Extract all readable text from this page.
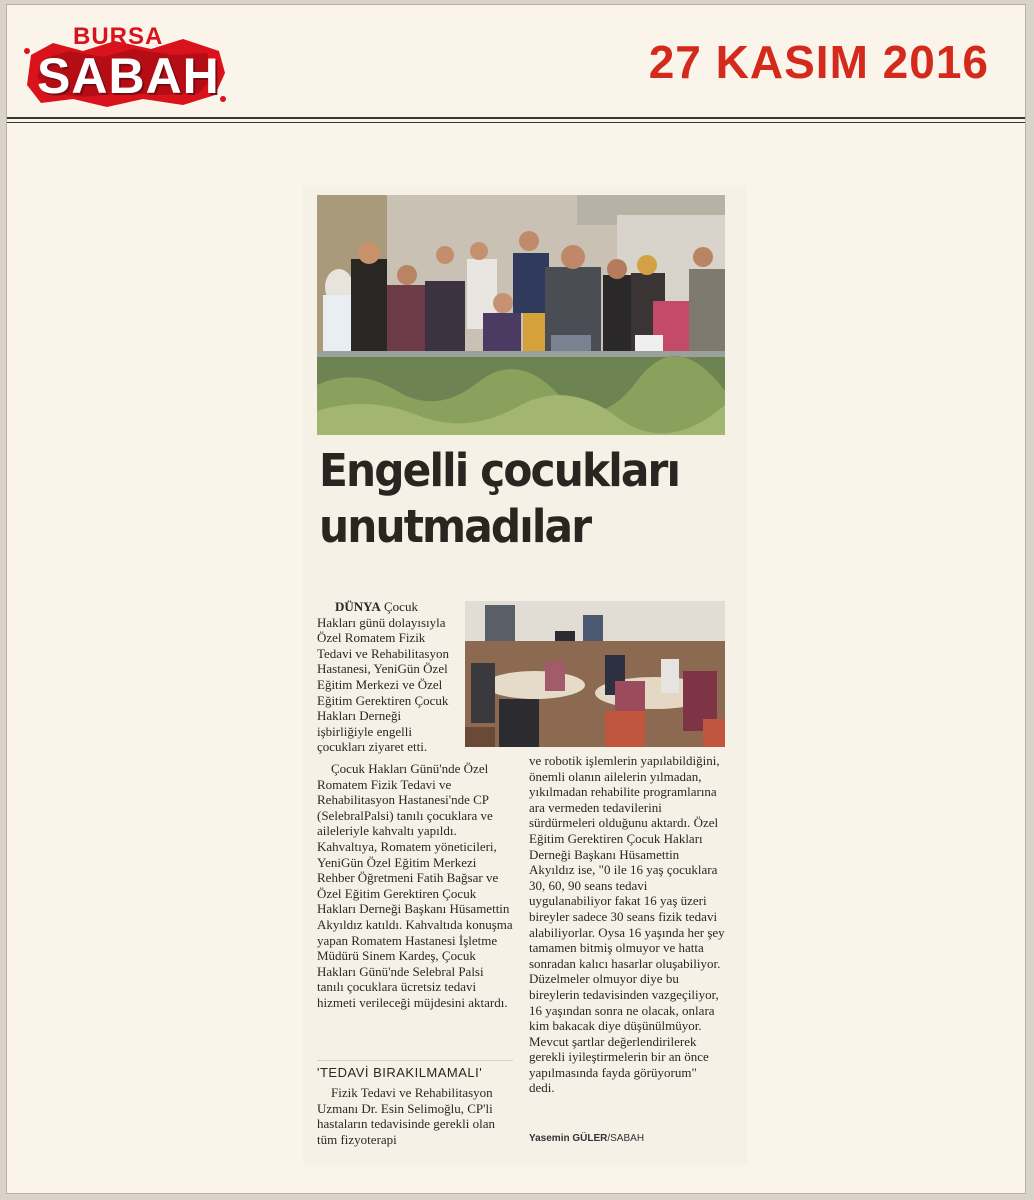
BURSA
SABAH	27 KASIM 2016
Engelli çocukları
unutmadılar

DÜNYA Çocuk Hakları günü dolayısıyla Özel Romatem Fizik Tedavi ve Rehabilitasyon Hastanesi, YeniGün Özel Eğitim Merkezi ve Özel Eğitim Gerektiren Çocuk Hakları Derneği işbirliğiyle engelli çocukları ziyaret etti.

Çocuk Hakları Günü'nde Özel Romatem Fizik Tedavi ve Rehabilitasyon Hastanesi'nde CP (SelebralPalsi) tanılı çocuklara ve aileleriyle kahvaltı yapıldı. Kahvaltıya, Romatem yöneticileri, YeniGün Özel Eğitim Merkezi Rehber Öğretmeni Fatih Bağsar ve Özel Eğitim Gerektiren Çocuk Hakları Derneği Başkanı Hüsamettin Akyıldız katıldı. Kahvaltıda konuşma yapan Romatem Hastanesi İşletme Müdürü Sinem Kardeş, Çocuk Hakları Günü'nde Selebral Palsi tanılı çocuklara ücretsiz tedavi hizmeti verileceği müjdesini aktardı.

'TEDAVİ BIRAKILMAMALI'

Fizik Tedavi ve Rehabilitasyon Uzmanı Dr. Esin Selimoğlu, CP'li hastaların tedavisinde gerekli olan tüm fizyoterapi

ve robotik işlemlerin yapılabildiğini, önemli olanın ailelerin yılmadan, yıkılmadan rehabilite programlarına ara vermeden tedavilerini sürdürmeleri olduğunu aktardı. Özel Eğitim Gerektiren Çocuk Hakları Derneği Başkanı Hüsamettin Akyıldız ise, "0 ile 16 yaş çocuklara 30, 60, 90 seans tedavi uygulanabiliyor fakat 16 yaş üzeri bireyler sadece 30 seans fizik tedavi alabiliyorlar. Oysa 16 yaşında her şey tamamen bitmiş olmuyor ve hatta sonradan kalıcı hasarlar oluşabiliyor. Düzelmeler olmuyor diye bu bireylerin tedavisinden vazgeçiliyor, 16 yaşından sonra ne olacak, onlara kim bakacak diye düşünülmüyor. Mevcut şartlar değerlendirilerek gerekli iyileştirmelerin bir an önce yapılmasında fayda görüyorum" dedi.

Yasemin GÜLER/SABAH
